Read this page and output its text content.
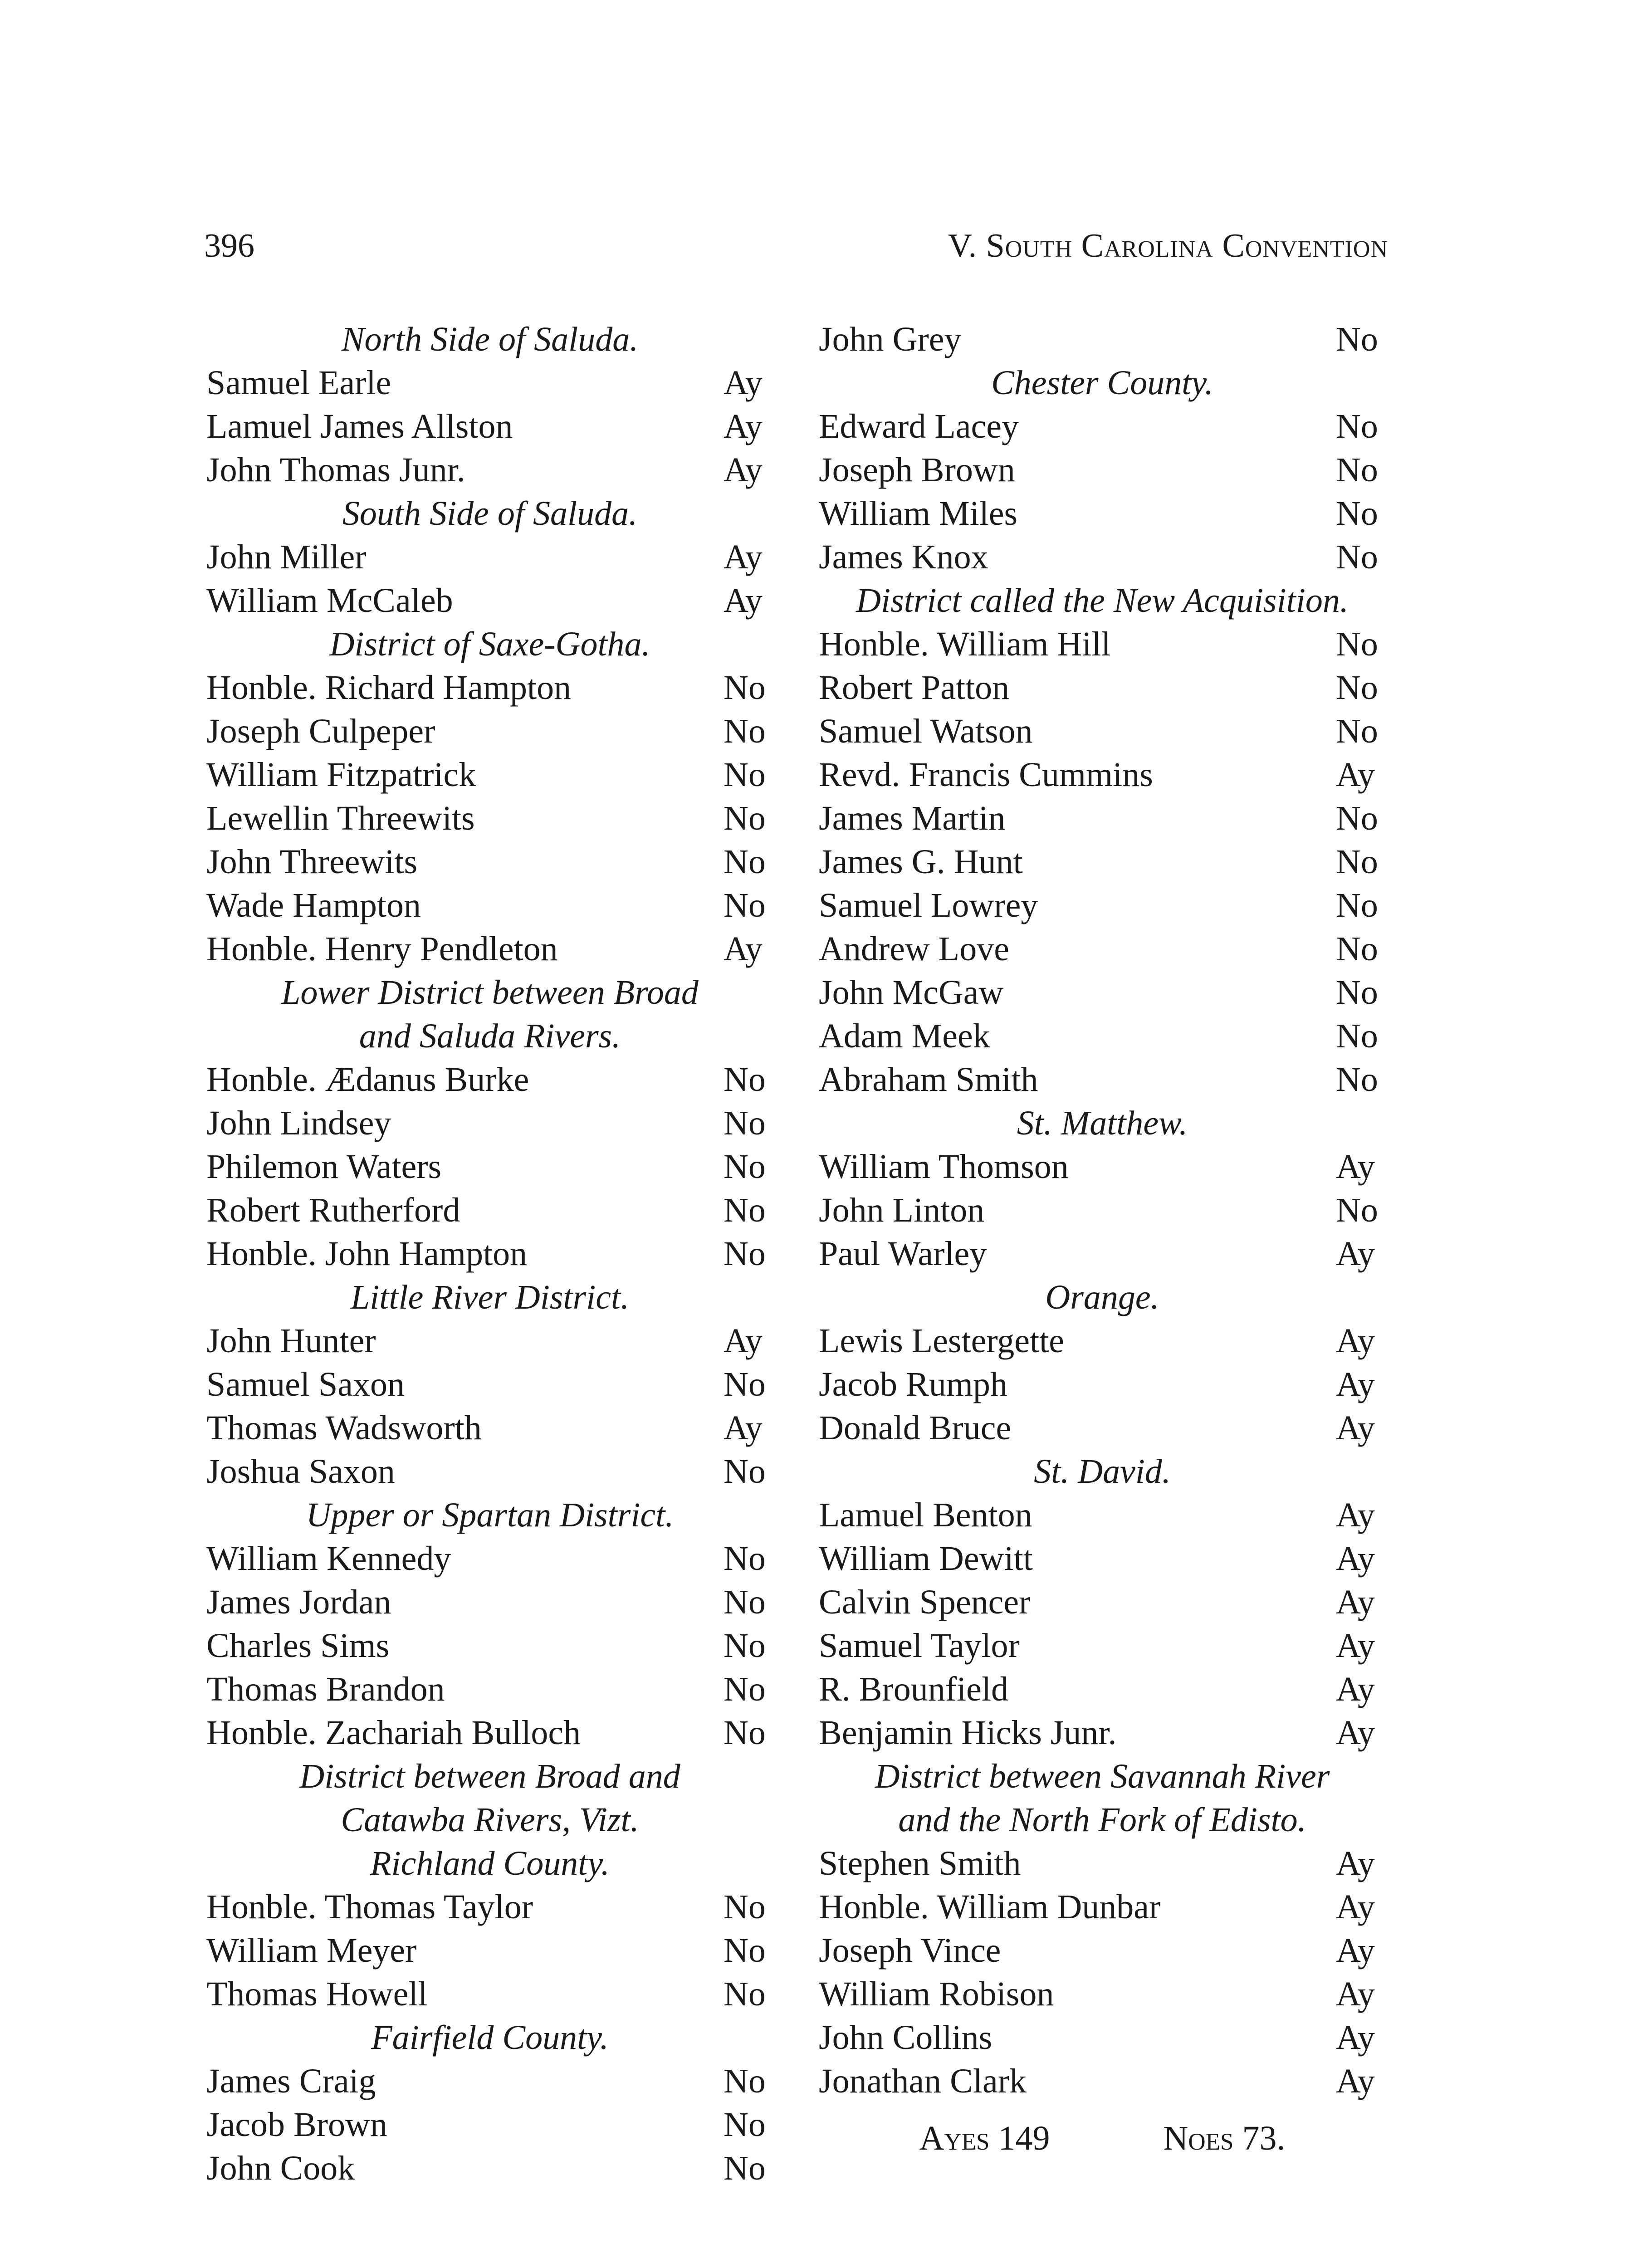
396	V. South Carolina Convention
North Side of Saluda.
Samuel Earle	Ay
Lamuel James Allston	Ay
John Thomas Junr.	Ay
South Side of Saluda.
John Miller	Ay
William McCaleb	Ay
District of Saxe-Gotha.
Honble. Richard Hampton	No
Joseph Culpeper	No
William Fitzpatrick	No
Lewellin Threewits	No
John Threewits	No
Wade Hampton	No
Honble. Henry Pendleton	Ay
Lower District between Broad
and Saluda Rivers.
Honble. Ædanus Burke	No
John Lindsey	No
Philemon Waters	No
Robert Rutherford	No
Honble. John Hampton	No
Little River District.
John Hunter	Ay
Samuel Saxon	No
Thomas Wadsworth	Ay
Joshua Saxon	No
Upper or Spartan District.
William Kennedy	No
James Jordan	No
Charles Sims	No
Thomas Brandon	No
Honble. Zachariah Bulloch	No
District between Broad and
Catawba Rivers, Vizt.
Richland County.
Honble. Thomas Taylor	No
William Meyer	No
Thomas Howell	No
Fairfield County.
James Craig	No
Jacob Brown	No
John Cook	No
John Grey	No
Chester County.
Edward Lacey	No
Joseph Brown	No
William Miles	No
James Knox	No
District called the New Acquisition.
Honble. William Hill	No
Robert Patton	No
Samuel Watson	No
Revd. Francis Cummins	Ay
James Martin	No
James G. Hunt	No
Samuel Lowrey	No
Andrew Love	No
John McGaw	No
Adam Meek	No
Abraham Smith	No
St. Matthew.
William Thomson	Ay
John Linton	No
Paul Warley	Ay
Orange.
Lewis Lestergette	Ay
Jacob Rumph	Ay
Donald Bruce	Ay
St. David.
Lamuel Benton	Ay
William Dewitt	Ay
Calvin Spencer	Ay
Samuel Taylor	Ay
R. Brounfield	Ay
Benjamin Hicks Junr.	Ay
District between Savannah River
and the North Fork of Edisto.
Stephen Smith	Ay
Honble. William Dunbar	Ay
Joseph Vince	Ay
William Robison	Ay
John Collins	Ay
Jonathan Clark	Ay
Ayes 149	Noes 73.
